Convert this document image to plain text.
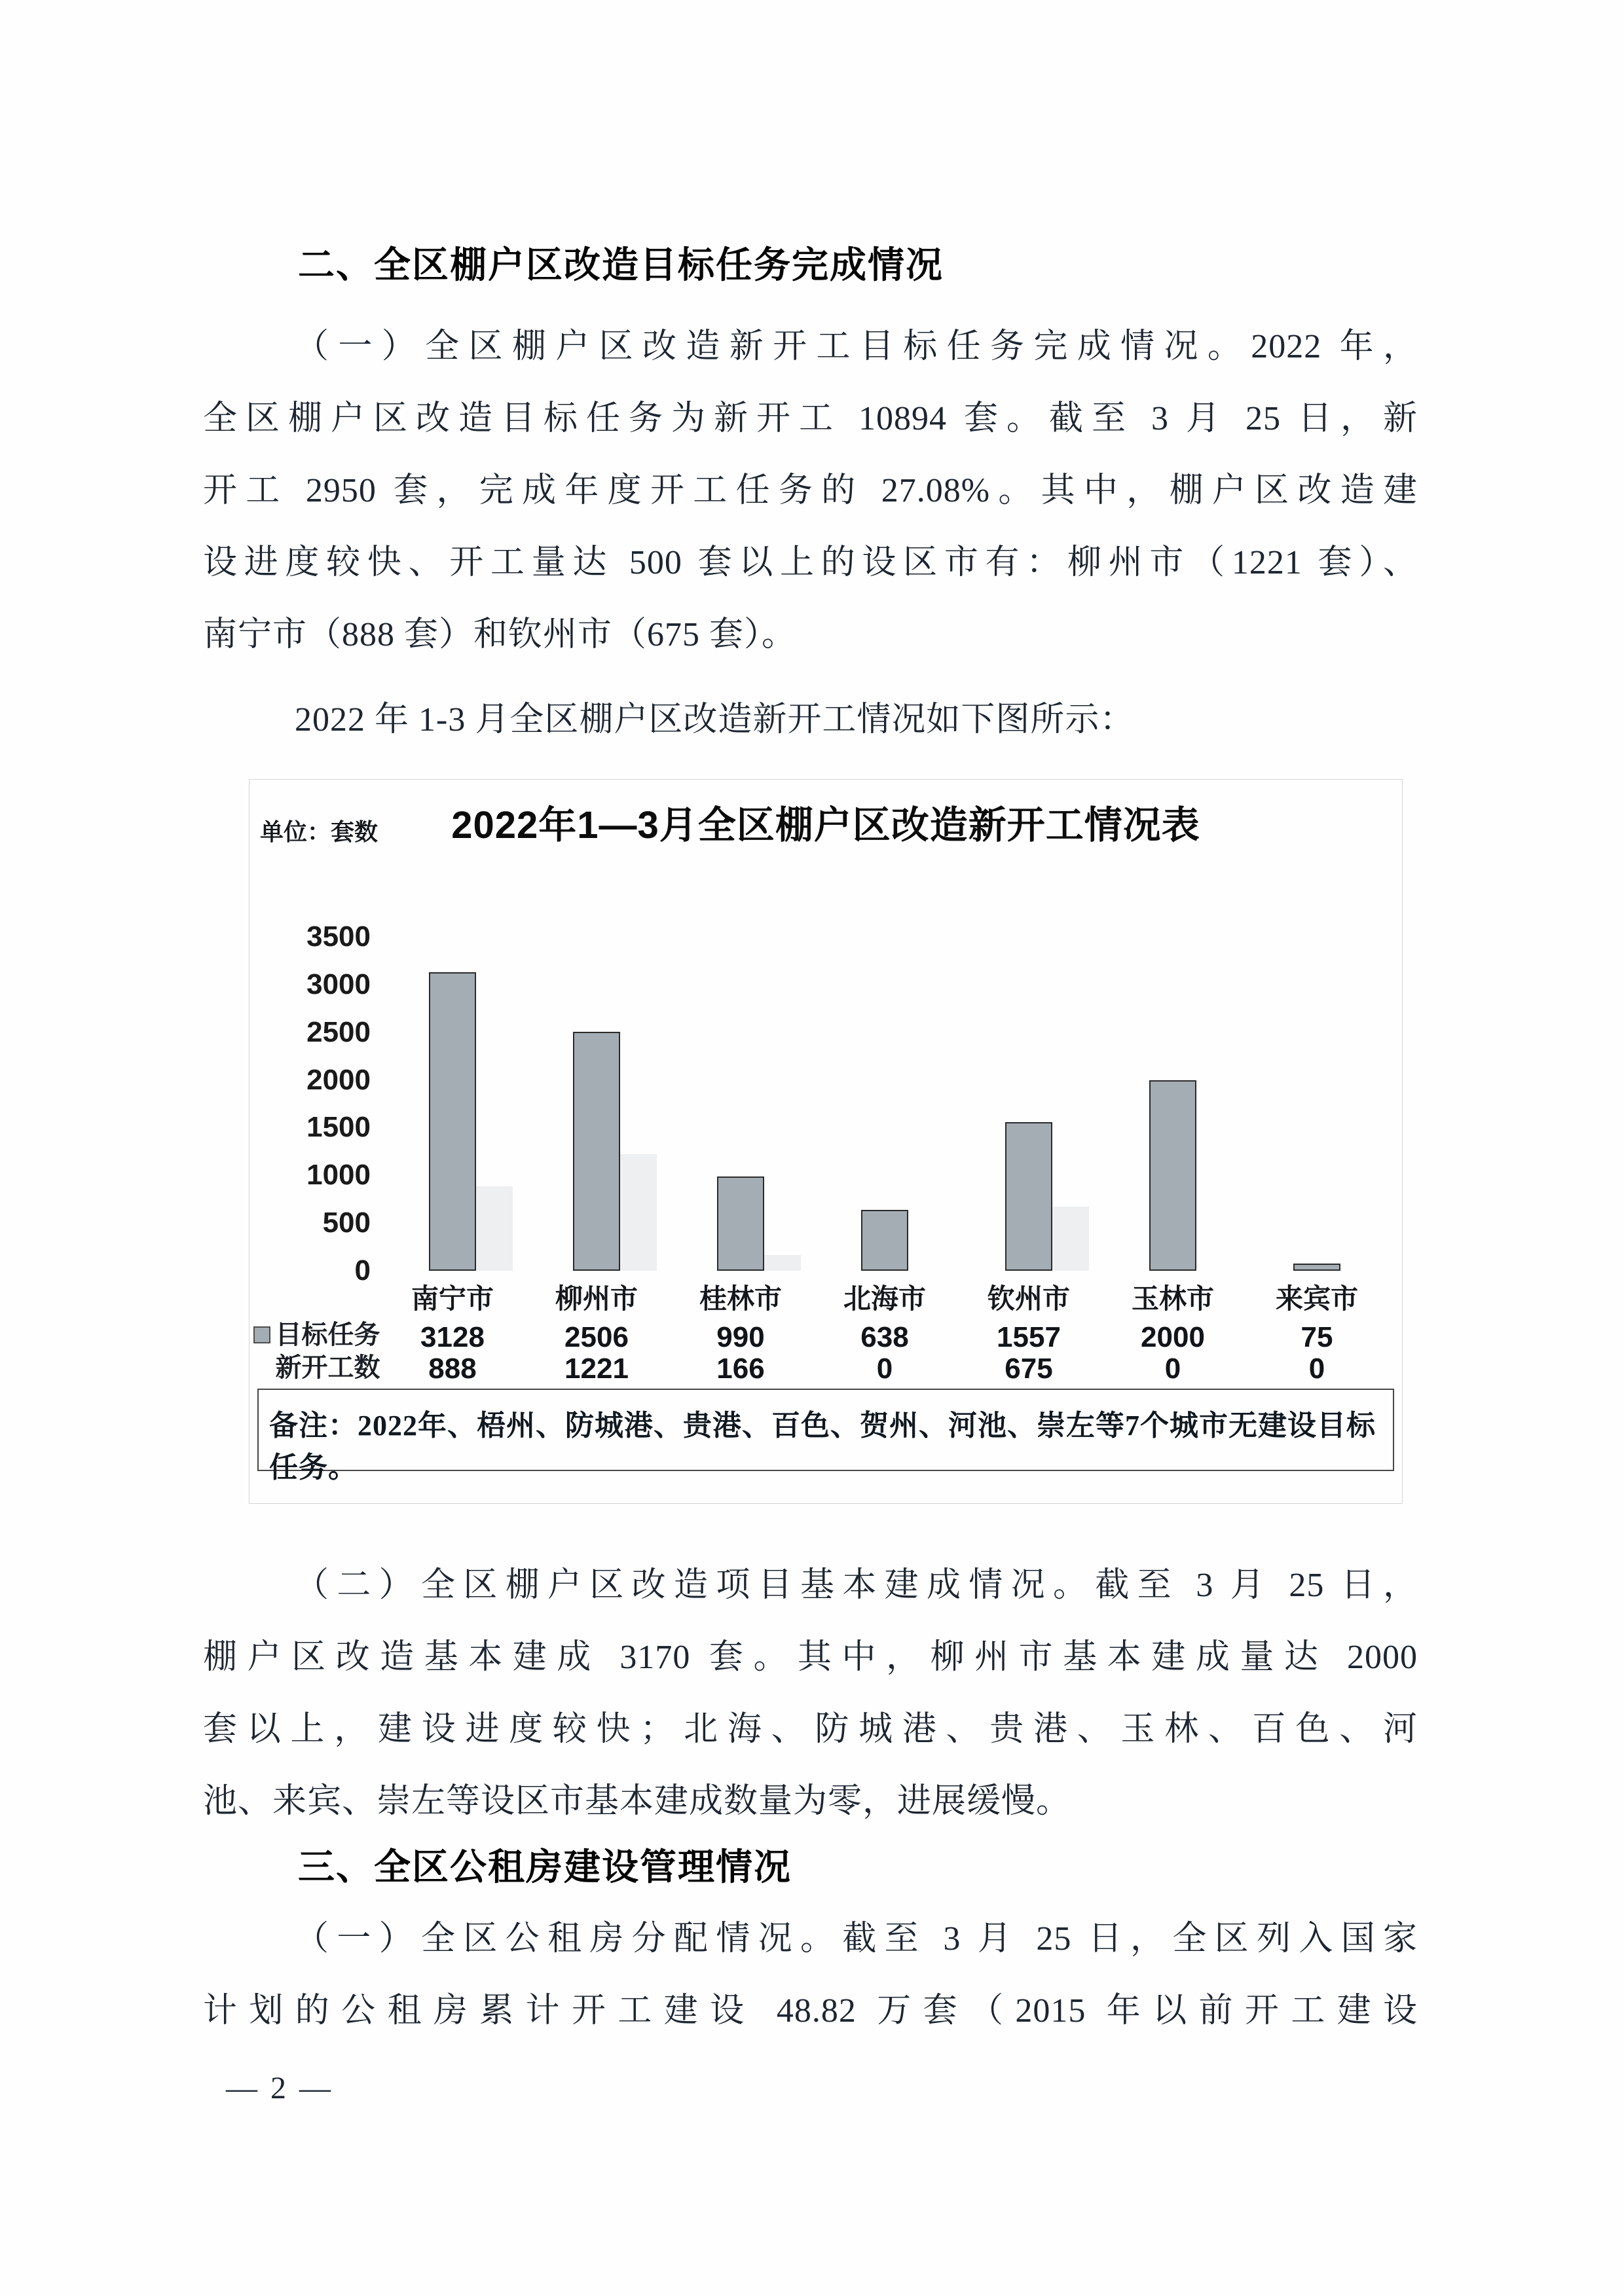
二、全区棚户区改造目标任务完成情况
（一）全区棚户区改造新开工目标任务完成情况。2022 年，
全区棚户区改造目标任务为新开工 10894 套。截至 3 月 25 日，新
开工 2950 套，完成年度开工任务的 27.08%。其中，棚户区改造建
设进度较快、开工量达 500 套以上的设区市有：柳州市（1221 套）、
南宁市（888 套）和钦州市（675 套）。
2022 年 1-3 月全区棚户区改造新开工情况如下图所示：
2022年1—3月全区棚户区改造新开工情况表
单位：套数
备注：2022年、梧州、防城港、贵港、百色、贺州、河池、崇左等7个城市无建设目标任务。
3500
3000
2500
2000
1500
1000
500
0
南宁市
3128
888
柳州市
2506
1221
桂林市
990
166
北海市
638
0
钦州市
1557
675
玉林市
2000
0
来宾市
75
0
目标任务
新开工数
（二）全区棚户区改造项目基本建成情况。截至 3 月 25 日，
棚户区改造基本建成 3170 套。其中，柳州市基本建成量达 2000
套以上，建设进度较快；北海、防城港、贵港、玉林、百色、河
池、来宾、崇左等设区市基本建成数量为零，进展缓慢。
三、全区公租房建设管理情况
（一）全区公租房分配情况。截至 3 月 25 日，全区列入国家
计划的公租房累计开工建设 48.82 万套（2015 年以前开工建设
— 2 —
